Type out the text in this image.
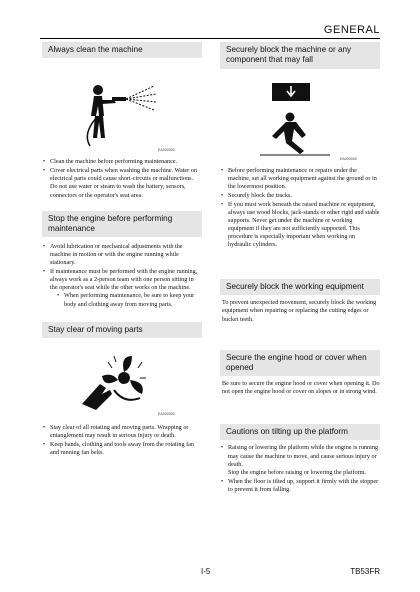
GENERAL
Always clean the machine
EA000000
• Clean the machine before performing maintenance.
• Cover electrical parts when washing the machine. Water on electrical parts could cause short-circuits or malfunctions.
Do not use water or steam to wash the battery, sensors, connectors or the operator's seat area.
Stop the engine before performing maintenance
• Avoid lubrication or mechanical adjustments with the machine in motion or with the engine running while stationary.
• If maintenance must be performed with the engine running, always work as a 2-person team with one person sitting in the operator's seat while the other works on the machine.
• When performing maintenance, be sure to keep your body and clothing away from moving parts.
Stay clear of moving parts
EA000000
• Stay clear of all rotating and moving parts. Wrapping or entanglement may result in serious injury or death.
• Keep hands, clothing and tools away from the rotating fan and running fan belts.
Securely block the machine or any component that may fall
EA000000
• Before performing maintenance or repairs under the machine, set all working equipment against the ground or in the lowermost position.
• Securely block the tracks.
• If you must work beneath the raised machine or equipment, always use wood blocks, jack-stands or other rigid and stable supports. Never get under the machine or working equipment if they are not sufficiently supported. This procedure is especially important when working on hydraulic cylinders.
Securely block the working equipment

To prevent unexpected movement, securely block the working equipment when repairing or replacing the cutting edges or bucket teeth.

Secure the engine hood or cover when opened

Be sure to secure the engine hood or cover when opening it. Do not open the engine hood or cover on slopes or in strong wind.

Cautions on tilting up the platform
• Raising or lowering the platform while the engine is running may cause the machine to move, and cause serious injury or death.
Stop the engine before raising or lowering the platform.
• When the floor is tilted up, support it firmly with the stopper to prevent it from falling.
I-5	TB53FR
